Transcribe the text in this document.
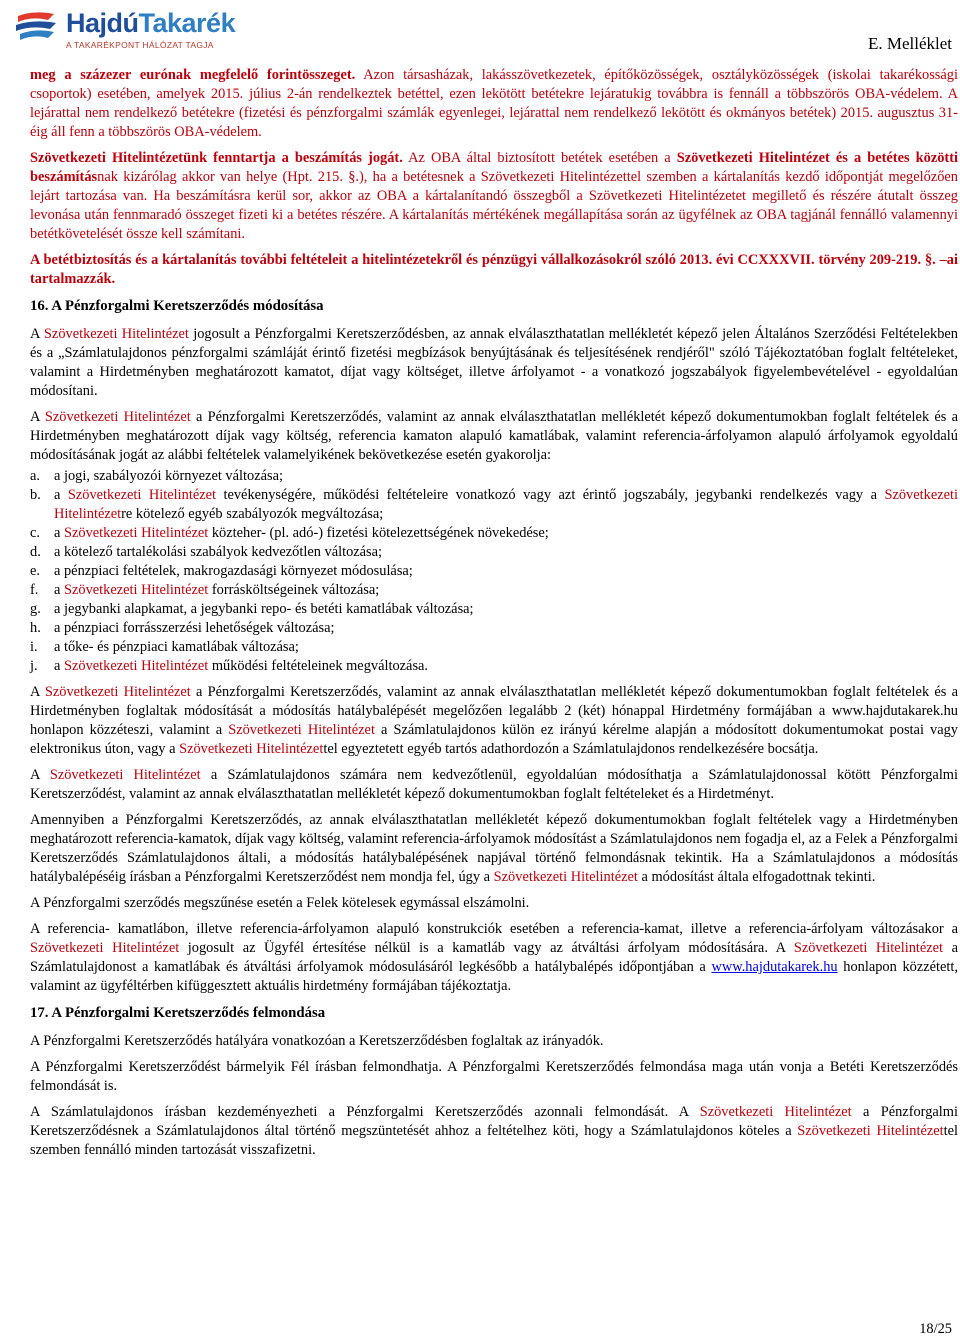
HajdúTakarék
A TAKARÉKPONT HÁLÓZAT TAGJA	E. Melléklet

meg a százezer eurónak megfelelő forintösszeget. Azon társasházak, lakásszövetkezetek, építőközösségek, osztályközösségek (iskolai takarékossági csoportok) esetében, amelyek 2015. július 2-án rendelkeztek betéttel, ezen lekötött betétekre lejáratukig továbbra is fennáll a többszörös OBA-védelem. A lejárattal nem rendelkező betétekre (fizetési és pénzforgalmi számlák egyenlegei, lejárattal nem rendelkező lekötött és okmányos betétek) 2015. augusztus 31-éig áll fenn a többszörös OBA-védelem.

Szövetkezeti Hitelintézetünk fenntartja a beszámítás jogát. Az OBA által biztosított betétek esetében a Szövetkezeti Hitelintézet és a betétes közötti beszámításnak kizárólag akkor van helye (Hpt. 215. §.), ha a betétesnek a Szövetkezeti Hitelintézettel szemben a kártalanítás kezdő időpontját megelőzően lejárt tartozása van. Ha beszámításra kerül sor, akkor az OBA a kártalanítandó összegből a Szövetkezeti Hitelintézetet megillető és részére átutalt összeg levonása után fennmaradó összeget fizeti ki a betétes részére. A kártalanítás mértékének megállapítása során az ügyfélnek az OBA tagjánál fennálló valamennyi betétkövetelését össze kell számítani.

A betétbiztosítás és a kártalanítás további feltételeit a hitelintézetekről és pénzügyi vállalkozásokról szóló 2013. évi CCXXXVII. törvény 209-219. §. –ai tartalmazzák.

16. A Pénzforgalmi Keretszerződés módosítása

A Szövetkezeti Hitelintézet jogosult a Pénzforgalmi Keretszerződésben, az annak elválaszthatatlan mellékletét képező jelen Általános Szerződési Feltételekben és a „Számlatulajdonos pénzforgalmi számláját érintő fizetési megbízások benyújtásának és teljesítésének rendjéről" szóló Tájékoztatóban foglalt feltételeket, valamint a Hirdetményben meghatározott kamatot, díjat vagy költséget, illetve árfolyamot - a vonatkozó jogszabályok figyelembevételével - egyoldalúan módosítani.

A Szövetkezeti Hitelintézet a Pénzforgalmi Keretszerződés, valamint az annak elválaszthatatlan mellékletét képező dokumentumokban foglalt feltételek és a Hirdetményben meghatározott díjak vagy költség, referencia kamaton alapuló kamatlábak, valamint referencia-árfolyamon alapuló árfolyamok egyoldalú módosításának jogát az alábbi feltételek valamelyikének bekövetkezése esetén gyakorolja:

a. a jogi, szabályozói környezet változása;
b. a Szövetkezeti Hitelintézet tevékenységére, működési feltételeire vonatkozó vagy azt érintő jogszabály, jegybanki rendelkezés vagy a Szövetkezeti Hitelintézetre kötelező egyéb szabályozók megváltozása;
c. a Szövetkezeti Hitelintézet közteher- (pl. adó-) fizetési kötelezettségének növekedése;
d. a kötelező tartalékolási szabályok kedvezőtlen változása;
e. a pénzpiaci feltételek, makrogazdasági környezet módosulása;
f. a Szövetkezeti Hitelintézet forrásköltségeinek változása;
g. a jegybanki alapkamat, a jegybanki repo- és betéti kamatlábak változása;
h. a pénzpiaci forrásszerzési lehetőségek változása;
i. a tőke- és pénzpiaci kamatlábak változása;
j. a Szövetkezeti Hitelintézet működési feltételeinek megváltozása.

A Szövetkezeti Hitelintézet a Pénzforgalmi Keretszerződés, valamint az annak elválaszthatatlan mellékletét képező dokumentumokban foglalt feltételek és a Hirdetményben foglaltak módosítását a módosítás hatálybalépését megelőzően legalább 2 (két) hónappal Hirdetmény formájában a www.hajdutakarek.hu honlapon közzéteszi, valamint a Szövetkezeti Hitelintézet a Számlatulajdonos külön ez irányú kérelme alapján a módosított dokumentumokat postai vagy elektronikus úton, vagy a Szövetkezeti Hitelintézettel egyeztetett egyéb tartós adathordozón a Számlatulajdonos rendelkezésére bocsátja.

A Szövetkezeti Hitelintézet a Számlatulajdonos számára nem kedvezőtlenül, egyoldalúan módosíthatja a Számlatulajdonossal kötött Pénzforgalmi Keretszerződést, valamint az annak elválaszthatatlan mellékletét képező dokumentumokban foglalt feltételeket és a Hirdetményt.

Amennyiben a Pénzforgalmi Keretszerződés, az annak elválaszthatatlan mellékletét képező dokumentumokban foglalt feltételek vagy a Hirdetményben meghatározott referencia-kamatok, díjak vagy költség, valamint referencia-árfolyamok módosítást a Számlatulajdonos nem fogadja el, az a Felek a Pénzforgalmi Keretszerződés Számlatulajdonos általi, a módosítás hatálybalépésének napjával történő felmondásnak tekintik. Ha a Számlatulajdonos a módosítás hatálybalépéséig írásban a Pénzforgalmi Keretszerződést nem mondja fel, úgy a Szövetkezeti Hitelintézet a módosítást általa elfogadottnak tekinti.

A Pénzforgalmi szerződés megszűnése esetén a Felek kötelesek egymással elszámolni.

A referencia- kamatlábon, illetve referencia-árfolyamon alapuló konstrukciók esetében a referencia-kamat, illetve a referencia-árfolyam változásakor a Szövetkezeti Hitelintézet jogosult az Ügyfél értesítése nélkül is a kamatláb vagy az átváltási árfolyam módosítására. A Szövetkezeti Hitelintézet a Számlatulajdonost a kamatlábak és átváltási árfolyamok módosulásáról legkésőbb a hatálybalépés időpontjában a www.hajdutakarek.hu honlapon közzétett, valamint az ügyféltérben kifüggesztett aktuális hirdetmény formájában tájékoztatja.

17. A Pénzforgalmi Keretszerződés felmondása

A Pénzforgalmi Keretszerződés hatályára vonatkozóan a Keretszerződésben foglaltak az irányadók.

A Pénzforgalmi Keretszerződést bármelyik Fél írásban felmondhatja. A Pénzforgalmi Keretszerződés felmondása maga után vonja a Betéti Keretszerződés felmondását is.

A Számlatulajdonos írásban kezdeményezheti a Pénzforgalmi Keretszerződés azonnali felmondását. A Szövetkezeti Hitelintézet a Pénzforgalmi Keretszerződésnek a Számlatulajdonos által történő megszüntetését ahhoz a feltételhez köti, hogy a Számlatulajdonos köteles a Szövetkezeti Hitelintézettel szemben fennálló minden tartozását visszafizetni.

18/25
